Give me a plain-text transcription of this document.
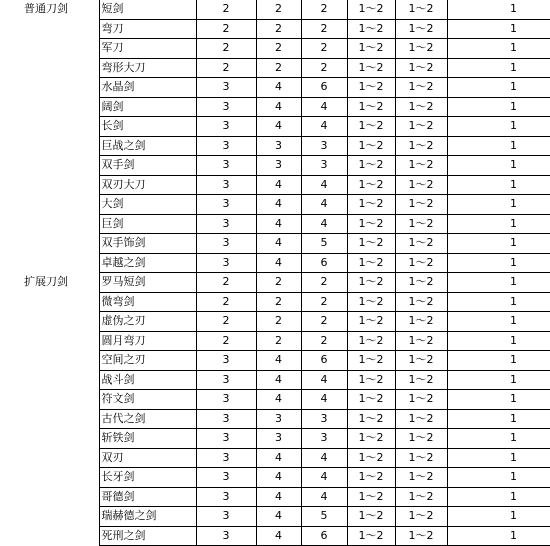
普通刀剑	短剑	2	2	2	1～2	1～2	1
	弯刀	2	2	2	1～2	1～2	1
	军刀	2	2	2	1～2	1～2	1
	弯形大刀	2	2	2	1～2	1～2	1
	水晶剑	3	4	6	1～2	1～2	1
	阔剑	3	4	4	1～2	1～2	1
	长剑	3	4	4	1～2	1～2	1
	巨战之剑	3	3	3	1～2	1～2	1
	双手剑	3	3	3	1～2	1～2	1
	双刃大刀	3	4	4	1～2	1～2	1
	大剑	3	4	4	1～2	1～2	1
	巨剑	3	4	4	1～2	1～2	1
	双手饰剑	3	4	5	1～2	1～2	1
	卓越之剑	3	4	6	1～2	1～2	1
扩展刀剑	罗马短剑	2	2	2	1～2	1～2	1
	微弯剑	2	2	2	1～2	1～2	1
	虚伪之刃	2	2	2	1～2	1～2	1
	圆月弯刀	2	2	2	1～2	1～2	1
	空间之刃	3	4	6	1～2	1～2	1
	战斗剑	3	4	4	1～2	1～2	1
	符文剑	3	4	4	1～2	1～2	1
	古代之剑	3	3	3	1～2	1～2	1
	斩铁剑	3	3	3	1～2	1～2	1
	双刃	3	4	4	1～2	1～2	1
	长牙剑	3	4	4	1～2	1～2	1
	哥德剑	3	4	4	1～2	1～2	1
	瑞赫德之剑	3	4	5	1～2	1～2	1
	死刑之剑	3	4	6	1～2	1～2	1
